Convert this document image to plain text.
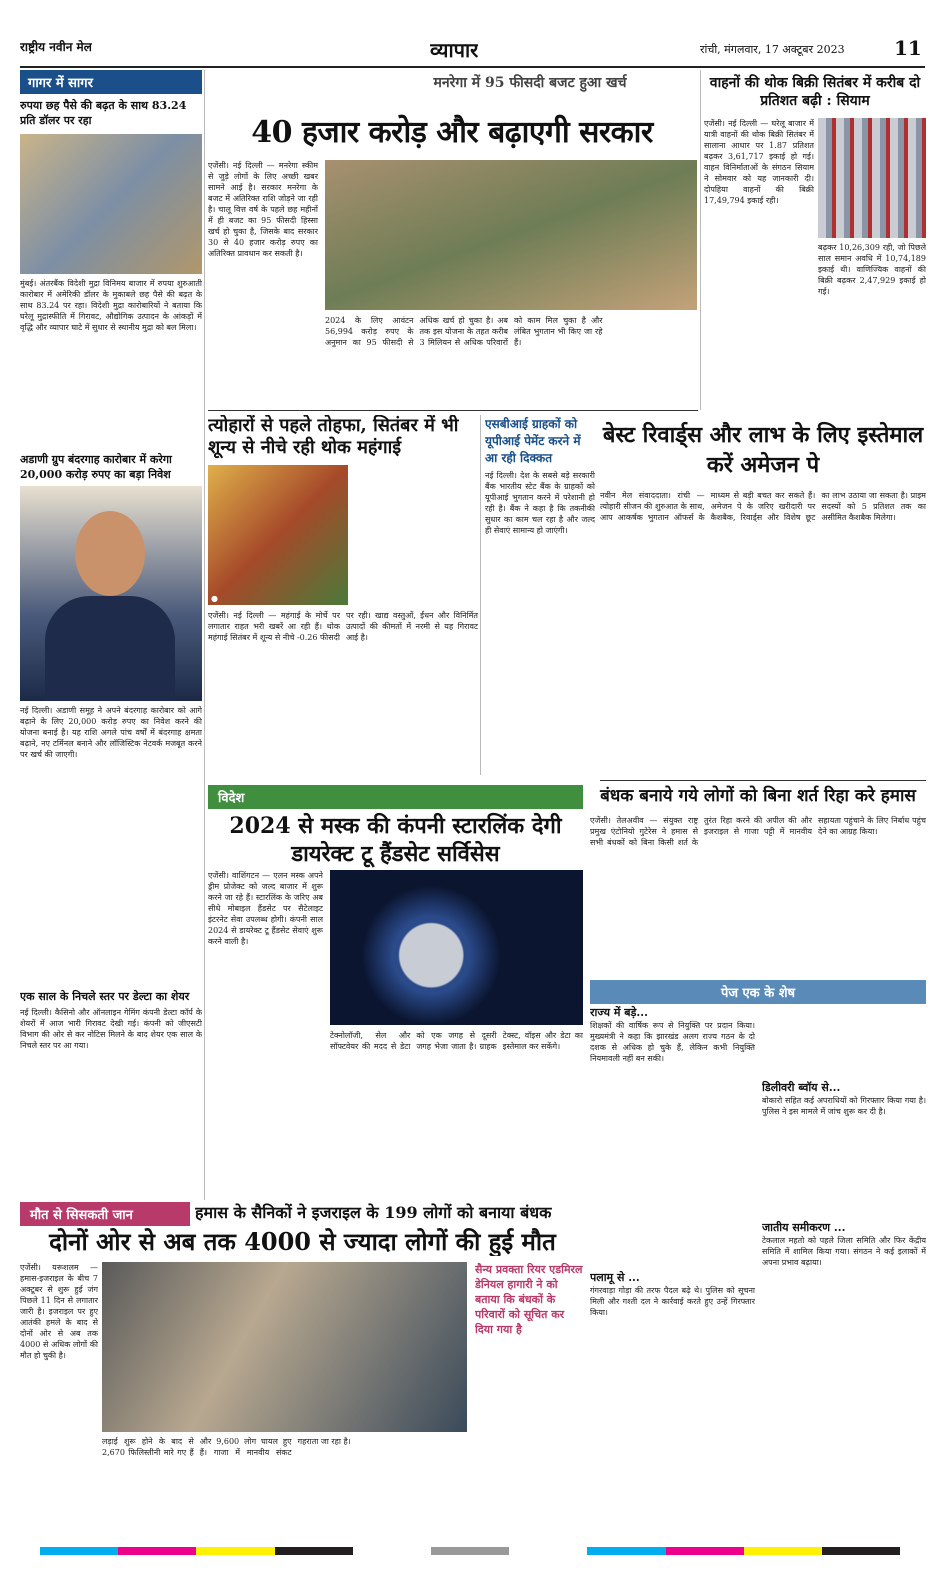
राष्ट्रीय नवीन मेल	व्यापार	रांची, मंगलवार, 17 अक्टूबर 2023 11
गागर में सागर
रुपया छह पैसे की बढ़त के साथ 83.24 प्रति डॉलर पर रहा
मुंबई। अंतरबैंक विदेशी मुद्रा विनिमय बाजार में रुपया शुरुआती कारोबार में अमेरिकी डॉलर के मुकाबले छह पैसे की बढ़त के साथ 83.24 पर रहा। विदेशी मुद्रा कारोबारियों ने बताया कि घरेलू मुद्रास्फीति में गिरावट, औद्योगिक उत्पादन के आंकड़ों में वृद्धि और व्यापार घाटे में सुधार से स्थानीय मुद्रा को बल मिला।
अडाणी ग्रुप बंदरगाह कारोबार में करेगा 20,000 करोड़ रुपए का बड़ा निवेश
नई दिल्ली। अडाणी समूह ने अपने बंदरगाह कारोबार को आगे बढ़ाने के लिए 20,000 करोड़ रुपए का निवेश करने की योजना बनाई है। यह राशि अगले पांच वर्षों में बंदरगाह क्षमता बढ़ाने, नए टर्मिनल बनाने और लॉजिस्टिक नेटवर्क मजबूत करने पर खर्च की जाएगी।
एक साल के निचले स्तर पर डेल्टा का शेयर
नई दिल्ली। कैसिनो और ऑनलाइन गेमिंग कंपनी डेल्टा कॉर्प के शेयरों में आज भारी गिरावट देखी गई। कंपनी को जीएसटी विभाग की ओर से कर नोटिस मिलने के बाद शेयर एक साल के निचले स्तर पर आ गया।
मनरेगा में 95 फीसदी बजट हुआ खर्च
40 हजार करोड़ और बढ़ाएगी सरकार
एजेंसी। नई दिल्ली — मनरेगा स्कीम से जुड़े लोगों के लिए अच्छी खबर सामने आई है। सरकार मनरेगा के बजट में अतिरिक्त राशि जोड़ने जा रही है। चालू वित्त वर्ष के पहले छह महीनों में ही बजट का 95 फीसदी हिस्सा खर्च हो चुका है, जिसके बाद सरकार 30 से 40 हजार करोड़ रुपए का अतिरिक्त प्रावधान कर सकती है।
2024 के लिए आवंटन 56,994 करोड़ रुपए के अनुमान का 95 फीसदी से अधिक खर्च हो चुका है। अब तक इस योजना के तहत करीब 3 मिलियन से अधिक परिवारों को काम मिल चुका है और लंबित भुगतान भी किए जा रहे हैं।
त्योहारों से पहले तोहफा, सितंबर में भी शून्य से नीचे रही थोक महंगाई
●
एजेंसी। नई दिल्ली — महंगाई के मोर्चे पर लगातार राहत भरी खबरें आ रही हैं। थोक महंगाई सितंबर में शून्य से नीचे -0.26 फीसदी पर रही। खाद्य वस्तुओं, ईंधन और विनिर्मित उत्पादों की कीमतों में नरमी से यह गिरावट आई है।
एसबीआई ग्राहकों को यूपीआई पेमेंट करने में आ रही दिक्कत
नई दिल्ली। देश के सबसे बड़े सरकारी बैंक भारतीय स्टेट बैंक के ग्राहकों को यूपीआई भुगतान करने में परेशानी हो रही है। बैंक ने कहा है कि तकनीकी सुधार का काम चल रहा है और जल्द ही सेवाएं सामान्य हो जाएंगी।
वाहनों की थोक बिक्री सितंबर में करीब दो प्रतिशत बढ़ी : सियाम
एजेंसी। नई दिल्ली — घरेलू बाजार में यात्री वाहनों की थोक बिक्री सितंबर में सालाना आधार पर 1.87 प्रतिशत बढ़कर 3,61,717 इकाई हो गई। वाहन विनिर्माताओं के संगठन सियाम ने सोमवार को यह जानकारी दी। दोपहिया वाहनों की बिक्री 17,49,794 इकाई रही।
बढ़कर 10,26,309 रही, जो पिछले साल समान अवधि में 10,74,189 इकाई थी। वाणिज्यिक वाहनों की बिक्री बढ़कर 2,47,929 इकाई हो गई।
बेस्ट रिवार्ड्स और लाभ के लिए इस्तेमाल करें अमेजन पे
नवीन मेल संवाददाता। रांची — त्योहारी सीजन की शुरुआत के साथ, आप आकर्षक भुगतान ऑफर्स के माध्यम से बड़ी बचत कर सकते हैं। अमेजन पे के जरिए खरीदारी पर कैशबैक, रिवार्ड्स और विशेष छूट का लाभ उठाया जा सकता है। प्राइम सदस्यों को 5 प्रतिशत तक का असीमित कैशबैक मिलेगा।
बंधक बनाये गये लोगों को बिना शर्त रिहा करे हमास
एजेंसी। तेलअवीव — संयुक्त राष्ट्र प्रमुख एंटोनियो गुटेरेस ने हमास से सभी बंधकों को बिना किसी शर्त के तुरंत रिहा करने की अपील की और इजराइल से गाजा पट्टी में मानवीय सहायता पहुंचाने के लिए निर्बाध पहुंच देने का आग्रह किया।
विदेश
2024 से मस्क की कंपनी स्टारलिंक देगी डायरेक्ट टू हैंडसेट सर्विसेस
एजेंसी। वाशिंगटन — एलन मस्क अपने ड्रीम प्रोजेक्ट को जल्द बाजार में शुरू करने जा रहे हैं। स्टारलिंक के जरिए अब सीधे मोबाइल हैंडसेट पर सैटेलाइट इंटरनेट सेवा उपलब्ध होगी। कंपनी साल 2024 से डायरेक्ट टू हैंडसेट सेवाएं शुरू करने वाली है।
टेक्नोलॉजी, सेल और सॉफ्टवेयर की मदद से डेटा को एक जगह से दूसरी जगह भेजा जाता है। ग्राहक टेक्स्ट, वॉइस और डेटा का इस्तेमाल कर सकेंगे।
मौत से सिसकती जान	हमास के सैनिकों ने इजराइल के 199 लोगों को बनाया बंधक
दोनों ओर से अब तक 4000 से ज्यादा लोगों की हुई मौत
एजेंसी। यरूशलम — हमास-इजराइल के बीच 7 अक्टूबर से शुरू हुई जंग पिछले 11 दिन से लगातार जारी है। इजराइल पर हुए आतंकी हमले के बाद से दोनों ओर से अब तक 4000 से अधिक लोगों की मौत हो चुकी है।
सैन्य प्रवक्ता रियर एडमिरल डेनियल हागारी ने को बताया कि बंधकों के परिवारों को सूचित कर दिया गया है
लड़ाई शुरू होने के बाद से 2,670 फिलिस्तीनी मारे गए हैं और 9,600 लोग घायल हुए हैं। गाजा में मानवीय संकट गहराता जा रहा है।
पेज एक के शेष
राज्य में बड़े...
शिक्षकों की वार्षिक रूप से नियुक्ति पर प्रदान किया। मुख्यमंत्री ने कहा कि झारखंड अलग राज्य गठन के दो दशक से अधिक हो चुके हैं, लेकिन कभी नियुक्ति नियमावली नहीं बन सकी।
पलामू से ...
गंगरवाड़ा गोड़ा की तरफ पैदल बढ़े थे। पुलिस को सूचना मिली और गश्ती दल ने कार्रवाई करते हुए उन्हें गिरफ्तार किया।
डिलीवरी ब्वॉय से...
बोकारो सहित कई अपराधियों को गिरफ्तार किया गया है। पुलिस ने इस मामले में जांच शुरू कर दी है।
जातीय समीकरण ...
टेकलाल महतो को पहले जिला समिति और फिर केंद्रीय समिति में शामिल किया गया। संगठन ने कई इलाकों में अपना प्रभाव बढ़ाया।
